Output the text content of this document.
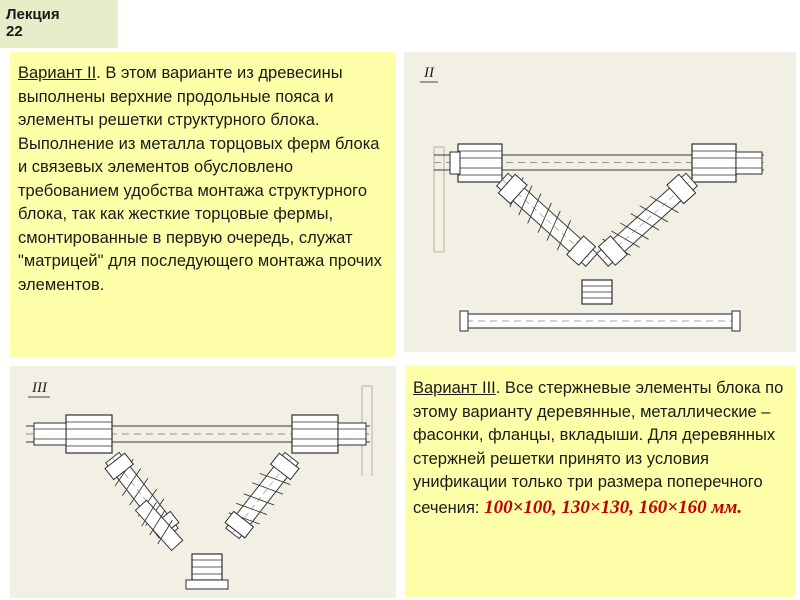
Лекция
22

Вариант II. В этом варианте из древесины выполнены верхние продольные пояса и элементы решетки структурного блока. Выполнение из металла торцовых ферм блока и связевых элементов обусловлено требованием удобства монтажа структурного блока, так как жесткие торцовые фермы, смонтированные в первую очередь, служат "матрицей" для последующего монтажа прочих элементов.

Вариант III. Все стержневые элементы блока по этому варианту деревянные, металлические – фасонки, фланцы, вкладыши. Для деревянных стержней решетки принято из условия унификации только три размера поперечного сечения: 100×100, 130×130, 160×160 мм.

II
III
